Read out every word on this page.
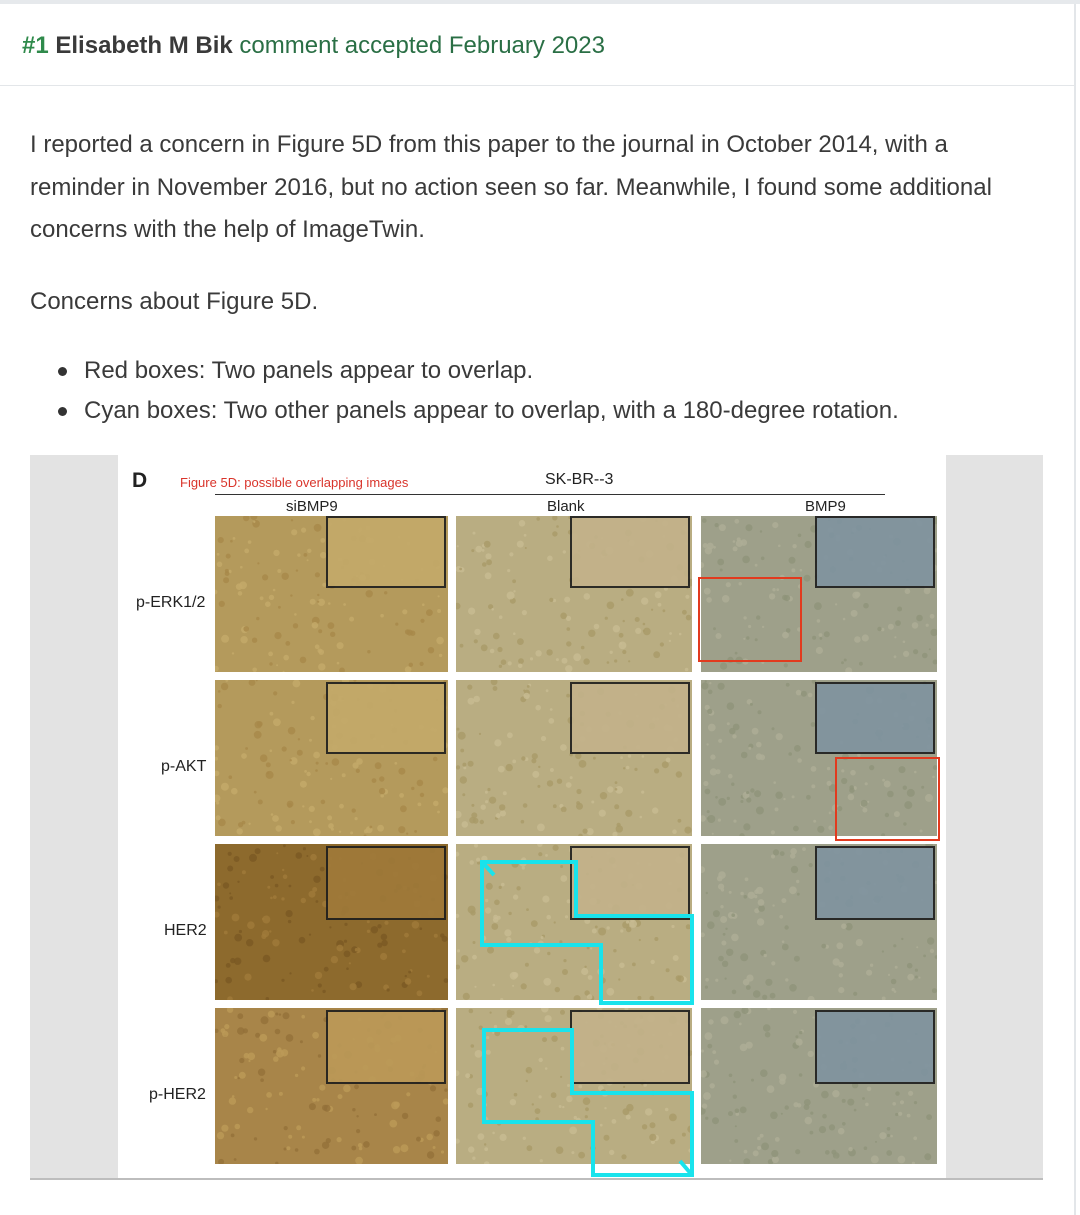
#1 Elisabeth M Bik comment accepted February 2023

I reported a concern in Figure 5D from this paper to the journal in October 2014, with a reminder in November 2016, but no action seen so far. Meanwhile, I found some additional concerns with the help of ImageTwin.

Concerns about Figure 5D.

Red boxes: Two panels appear to overlap.
Cyan boxes: Two other panels appear to overlap, with a 180-degree rotation.
D	Figure 5D: possible overlapping images	SK-BR--3
siBMP9	Blank	BMP9
p-ERK1/2
p-AKT
HER2
p-HER2
